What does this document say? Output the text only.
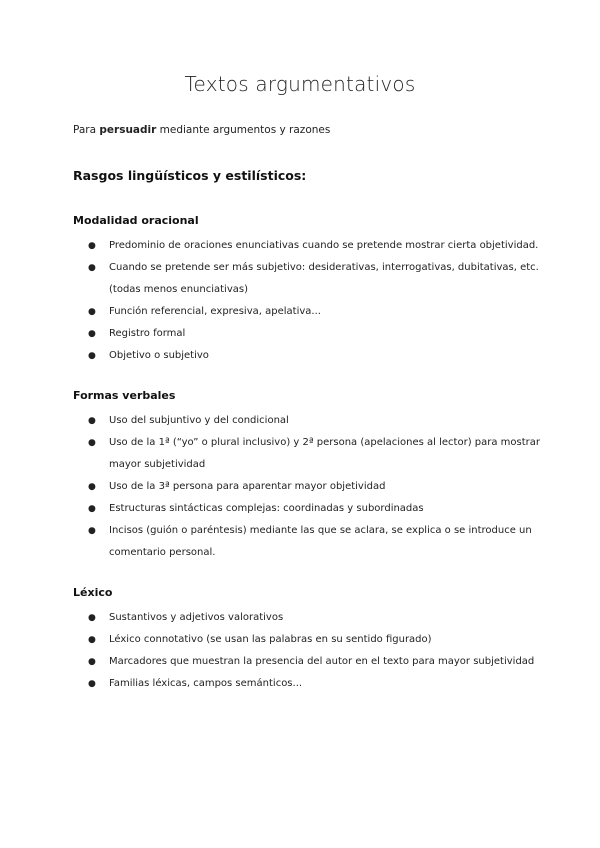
Textos argumentativos
Para persuadir mediante argumentos y razones
Rasgos lingüísticos y estilísticos:
Modalidad oracional
● Predominio de oraciones enunciativas cuando se pretende mostrar cierta objetividad.
● Cuando se pretende ser más subjetivo: desiderativas, interrogativas, dubitativas, etc. (todas menos enunciativas)
● Función referencial, expresiva, apelativa...
● Registro formal
● Objetivo o subjetivo
Formas verbales
● Uso del subjuntivo y del condicional
● Uso de la 1ª (“yo” o plural inclusivo) y 2ª persona (apelaciones al lector) para mostrar mayor subjetividad
● Uso de la 3ª persona para aparentar mayor objetividad
● Estructuras sintácticas complejas: coordinadas y subordinadas
● Incisos (guión o paréntesis) mediante las que se aclara, se explica o se introduce un comentario personal.
Léxico
● Sustantivos y adjetivos valorativos
● Léxico connotativo (se usan las palabras en su sentido figurado)
● Marcadores que muestran la presencia del autor en el texto para mayor subjetividad
● Familias léxicas, campos semánticos...
